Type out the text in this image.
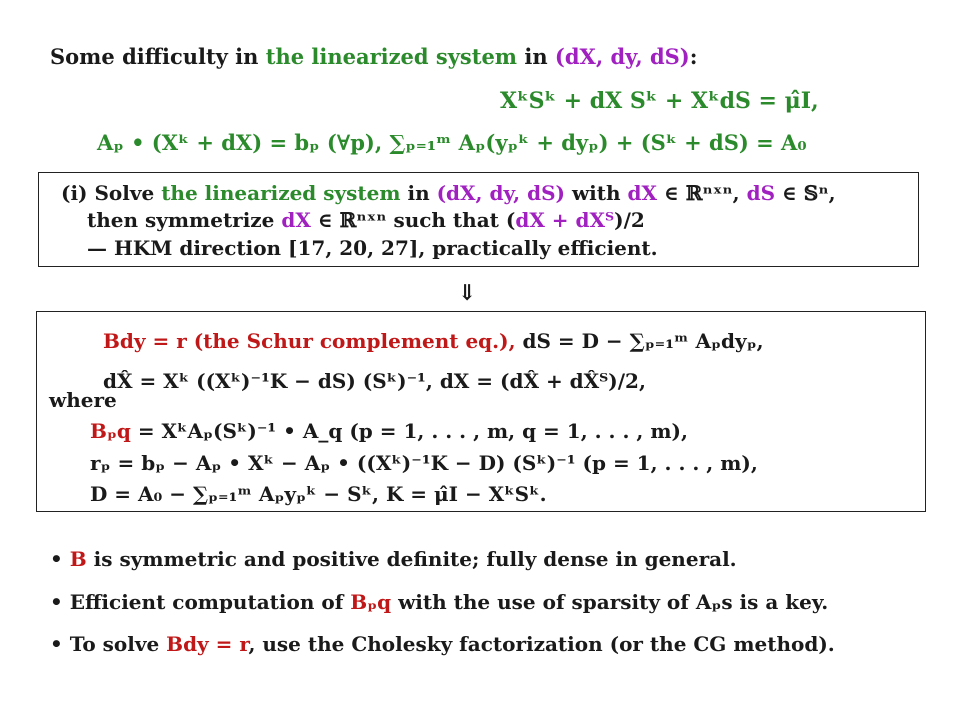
Some difficulty in the linearized system in (dX, dy, dS):
XᵏSᵏ + dX Sᵏ + XᵏdS = μ̂I,
Aₚ • (Xᵏ + dX) = bₚ (∀p), ∑ₚ₌₁ᵐ Aₚ(yₚᵏ + dyₚ) + (Sᵏ + dS) = A₀
(i) Solve the linearized system in (dX, dy, dS) with dX ∈ ℝⁿˣⁿ, dS ∈ 𝕊ⁿ,
then symmetrize dX ∈ ℝⁿˣⁿ such that (dX + dXᵀ)/2
— HKM direction [17, 20, 27], practically efficient.
⇓
Bdy = r (the Schur complement eq.), dS = D − ∑ₚ₌₁ᵐ Aₚdyₚ,
dX̂ = Xᵏ ((Xᵏ)⁻¹K − dS) (Sᵏ)⁻¹, dX = (dX̂ + dX̂ᵀ)/2,
where
Bₚq = XᵏAₚ(Sᵏ)⁻¹ • A_q (p = 1, . . . , m, q = 1, . . . , m),
rₚ = bₚ − Aₚ • Xᵏ − Aₚ • ((Xᵏ)⁻¹K − D) (Sᵏ)⁻¹ (p = 1, . . . , m),
D = A₀ − ∑ₚ₌₁ᵐ Aₚyₚᵏ − Sᵏ, K = μ̂I − XᵏSᵏ.
• B is symmetric and positive definite; fully dense in general.
• Efficient computation of Bₚq with the use of sparsity of Aₚs is a key.
• To solve Bdy = r, use the Cholesky factorization (or the CG method).
